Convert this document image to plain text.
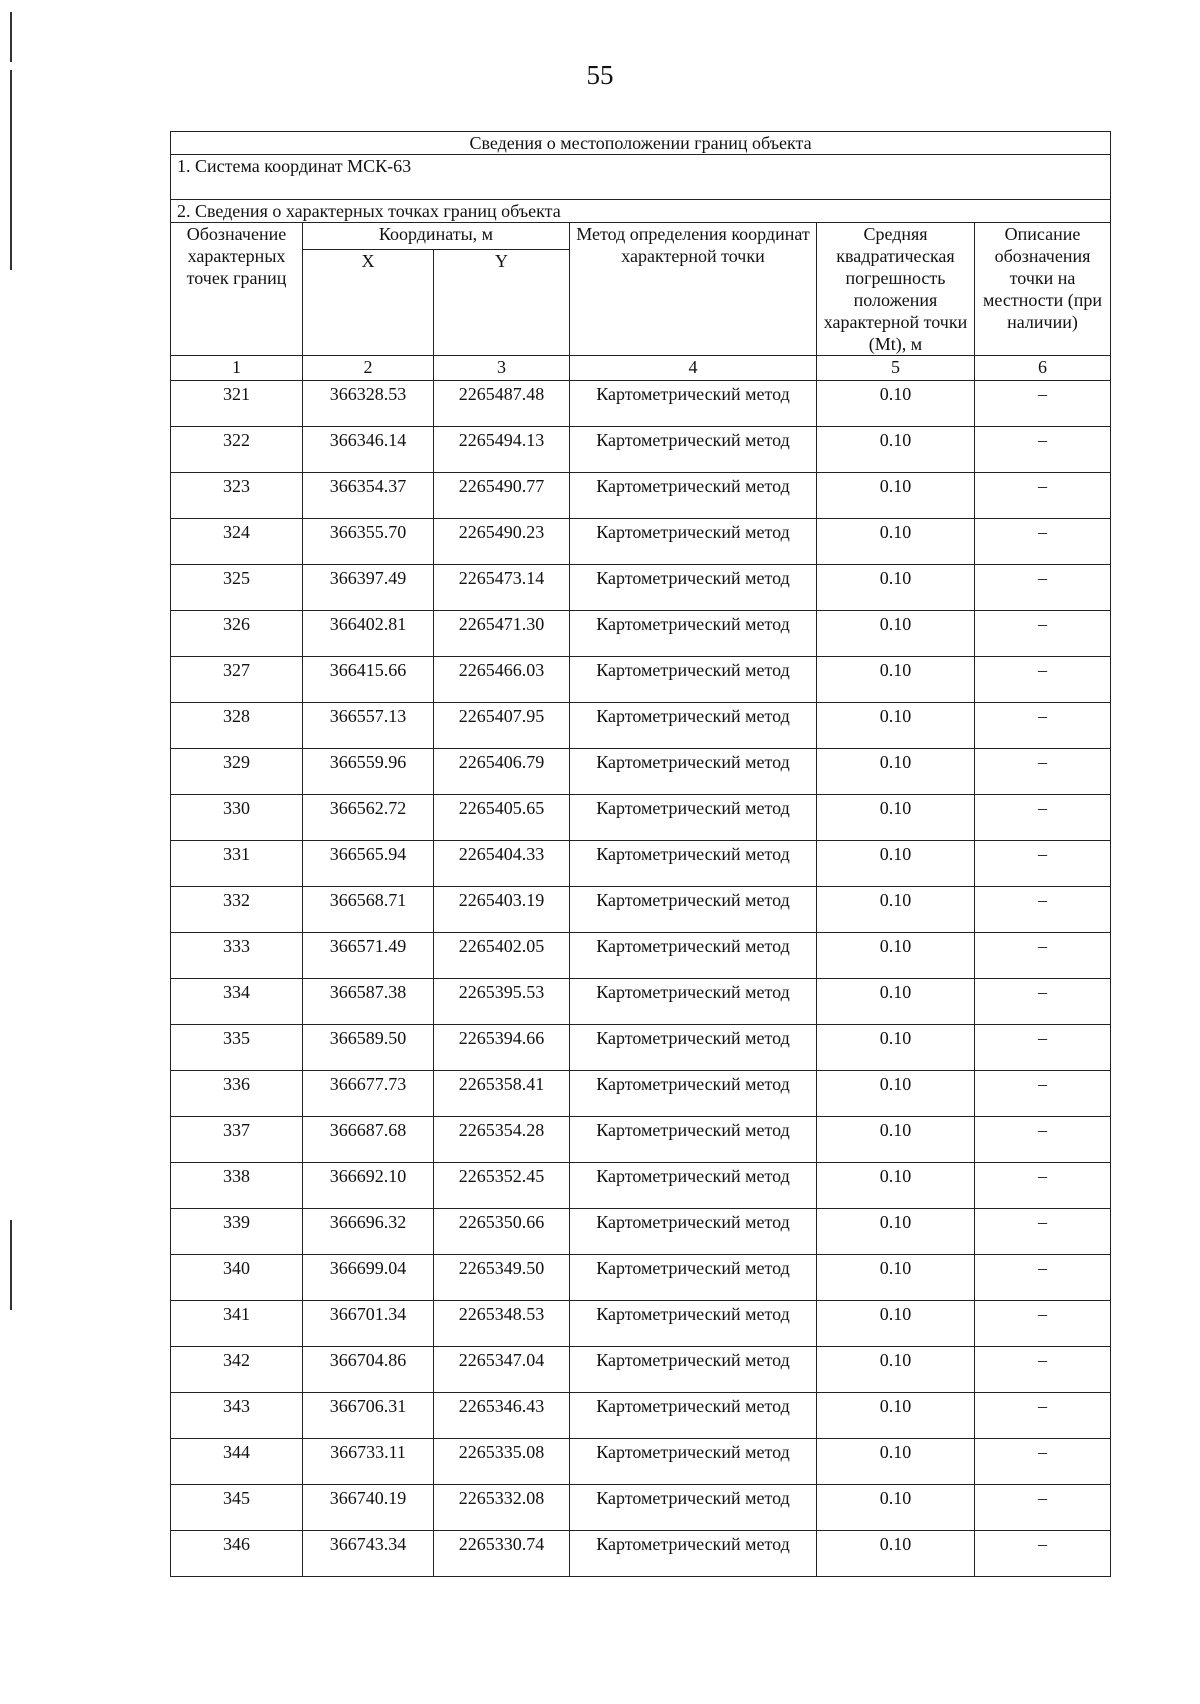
55
Сведения о местоположении границ объекта					
1. Система координат МСК-63					
2. Сведения о характерных точках границ объекта					
Обозначение характерных точек границ	Координаты, м		Метод определения координат характерной точки	Средняя квадратическая погрешность положения характерной точки (Mt), м	Описание обозначения точки на местности (при наличии)
	X	Y			
1	2	3	4	5	6
321	366328.53	2265487.48	Картометрический метод	0.10	–
322	366346.14	2265494.13	Картометрический метод	0.10	–
323	366354.37	2265490.77	Картометрический метод	0.10	–
324	366355.70	2265490.23	Картометрический метод	0.10	–
325	366397.49	2265473.14	Картометрический метод	0.10	–
326	366402.81	2265471.30	Картометрический метод	0.10	–
327	366415.66	2265466.03	Картометрический метод	0.10	–
328	366557.13	2265407.95	Картометрический метод	0.10	–
329	366559.96	2265406.79	Картометрический метод	0.10	–
330	366562.72	2265405.65	Картометрический метод	0.10	–
331	366565.94	2265404.33	Картометрический метод	0.10	–
332	366568.71	2265403.19	Картометрический метод	0.10	–
333	366571.49	2265402.05	Картометрический метод	0.10	–
334	366587.38	2265395.53	Картометрический метод	0.10	–
335	366589.50	2265394.66	Картометрический метод	0.10	–
336	366677.73	2265358.41	Картометрический метод	0.10	–
337	366687.68	2265354.28	Картометрический метод	0.10	–
338	366692.10	2265352.45	Картометрический метод	0.10	–
339	366696.32	2265350.66	Картометрический метод	0.10	–
340	366699.04	2265349.50	Картометрический метод	0.10	–
341	366701.34	2265348.53	Картометрический метод	0.10	–
342	366704.86	2265347.04	Картометрический метод	0.10	–
343	366706.31	2265346.43	Картометрический метод	0.10	–
344	366733.11	2265335.08	Картометрический метод	0.10	–
345	366740.19	2265332.08	Картометрический метод	0.10	–
346	366743.34	2265330.74	Картометрический метод	0.10	–
